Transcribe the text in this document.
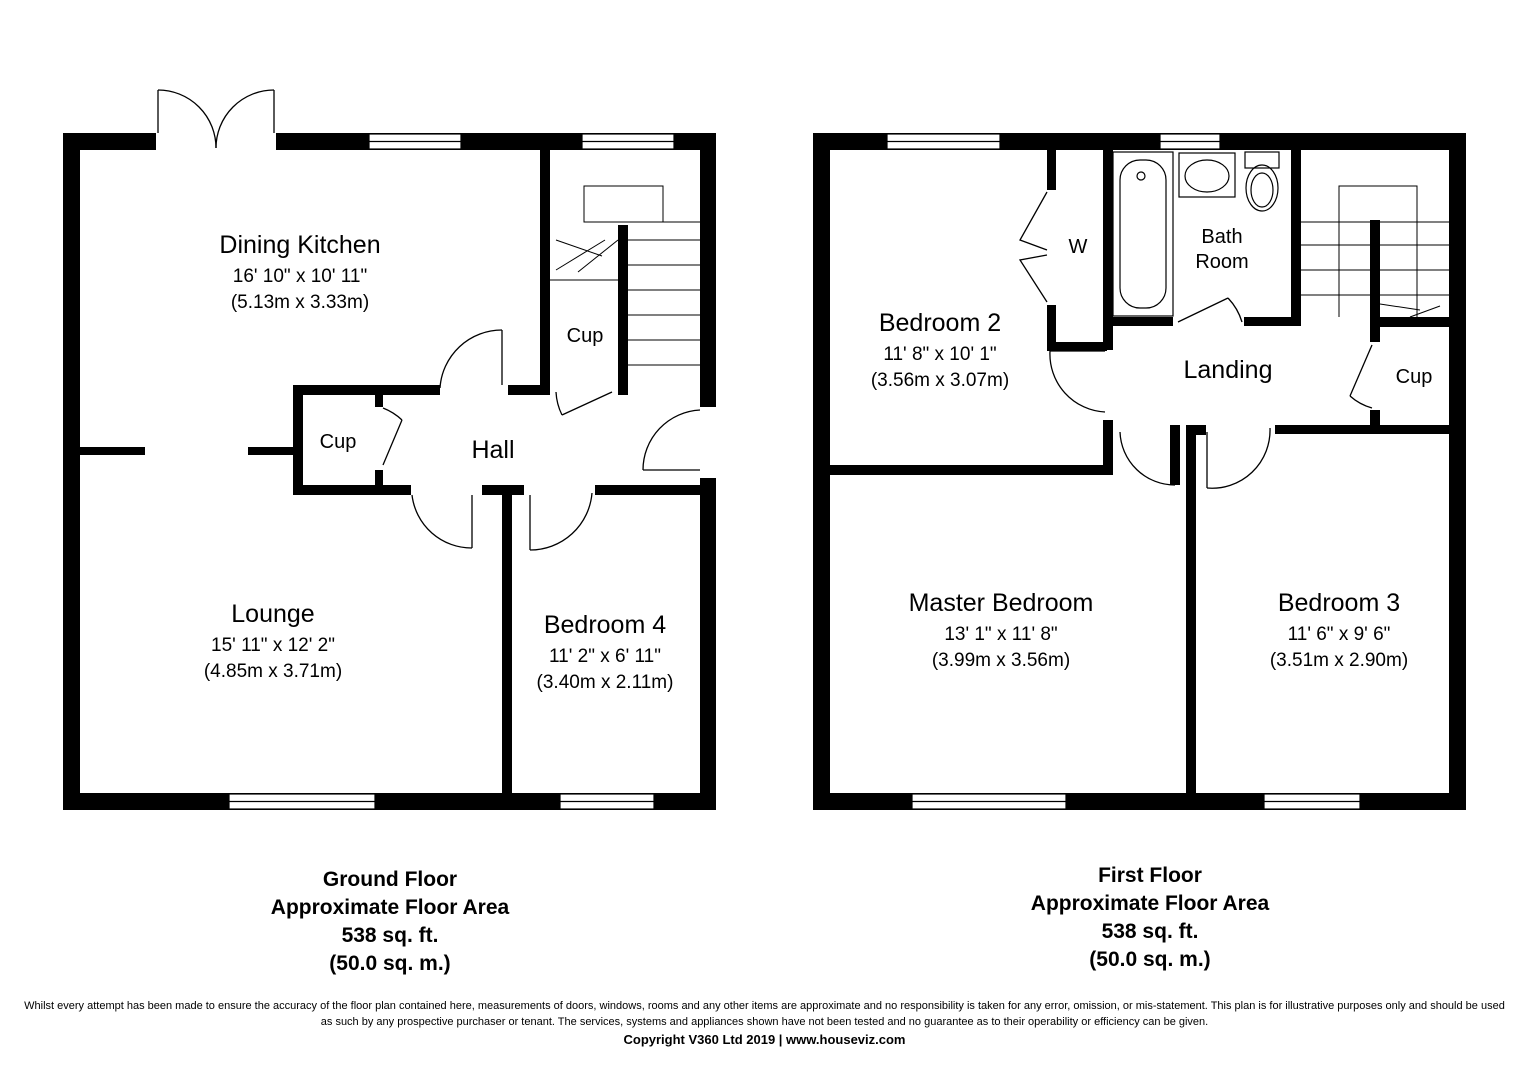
Dining Kitchen
16' 10" x 10' 11"
(5.13m x 3.33m)
Lounge
15' 11" x 12' 2"
(4.85m x 3.71m)
Bedroom 4
11' 2" x 6' 11"
(3.40m x 2.11m)
Hall
Cup
Cup
Bedroom 2
11' 8" x 10' 1"
(3.56m x 3.07m)
Master Bedroom
13' 1" x 11' 8"
(3.99m x 3.56m)
Bedroom 3
11' 6" x 9' 6"
(3.51m x 2.90m)
Landing
Bath
Room
W
Cup
Ground Floor
Approximate Floor Area
538 sq. ft.
(50.0 sq. m.)
First Floor
Approximate Floor Area
538 sq. ft.
(50.0 sq. m.)
Whilst every attempt has been made to ensure the accuracy of the floor plan contained here, measurements of doors, windows, rooms and any other items are approximate and no responsibility is taken for any error, omission, or mis-statement. This plan is for illustrative purposes only and should be used as such by any prospective purchaser or tenant. The services, systems and appliances shown have not been tested and no guarantee as to their operability or efficiency can be given.
Copyright V360 Ltd 2019 | www.houseviz.com
